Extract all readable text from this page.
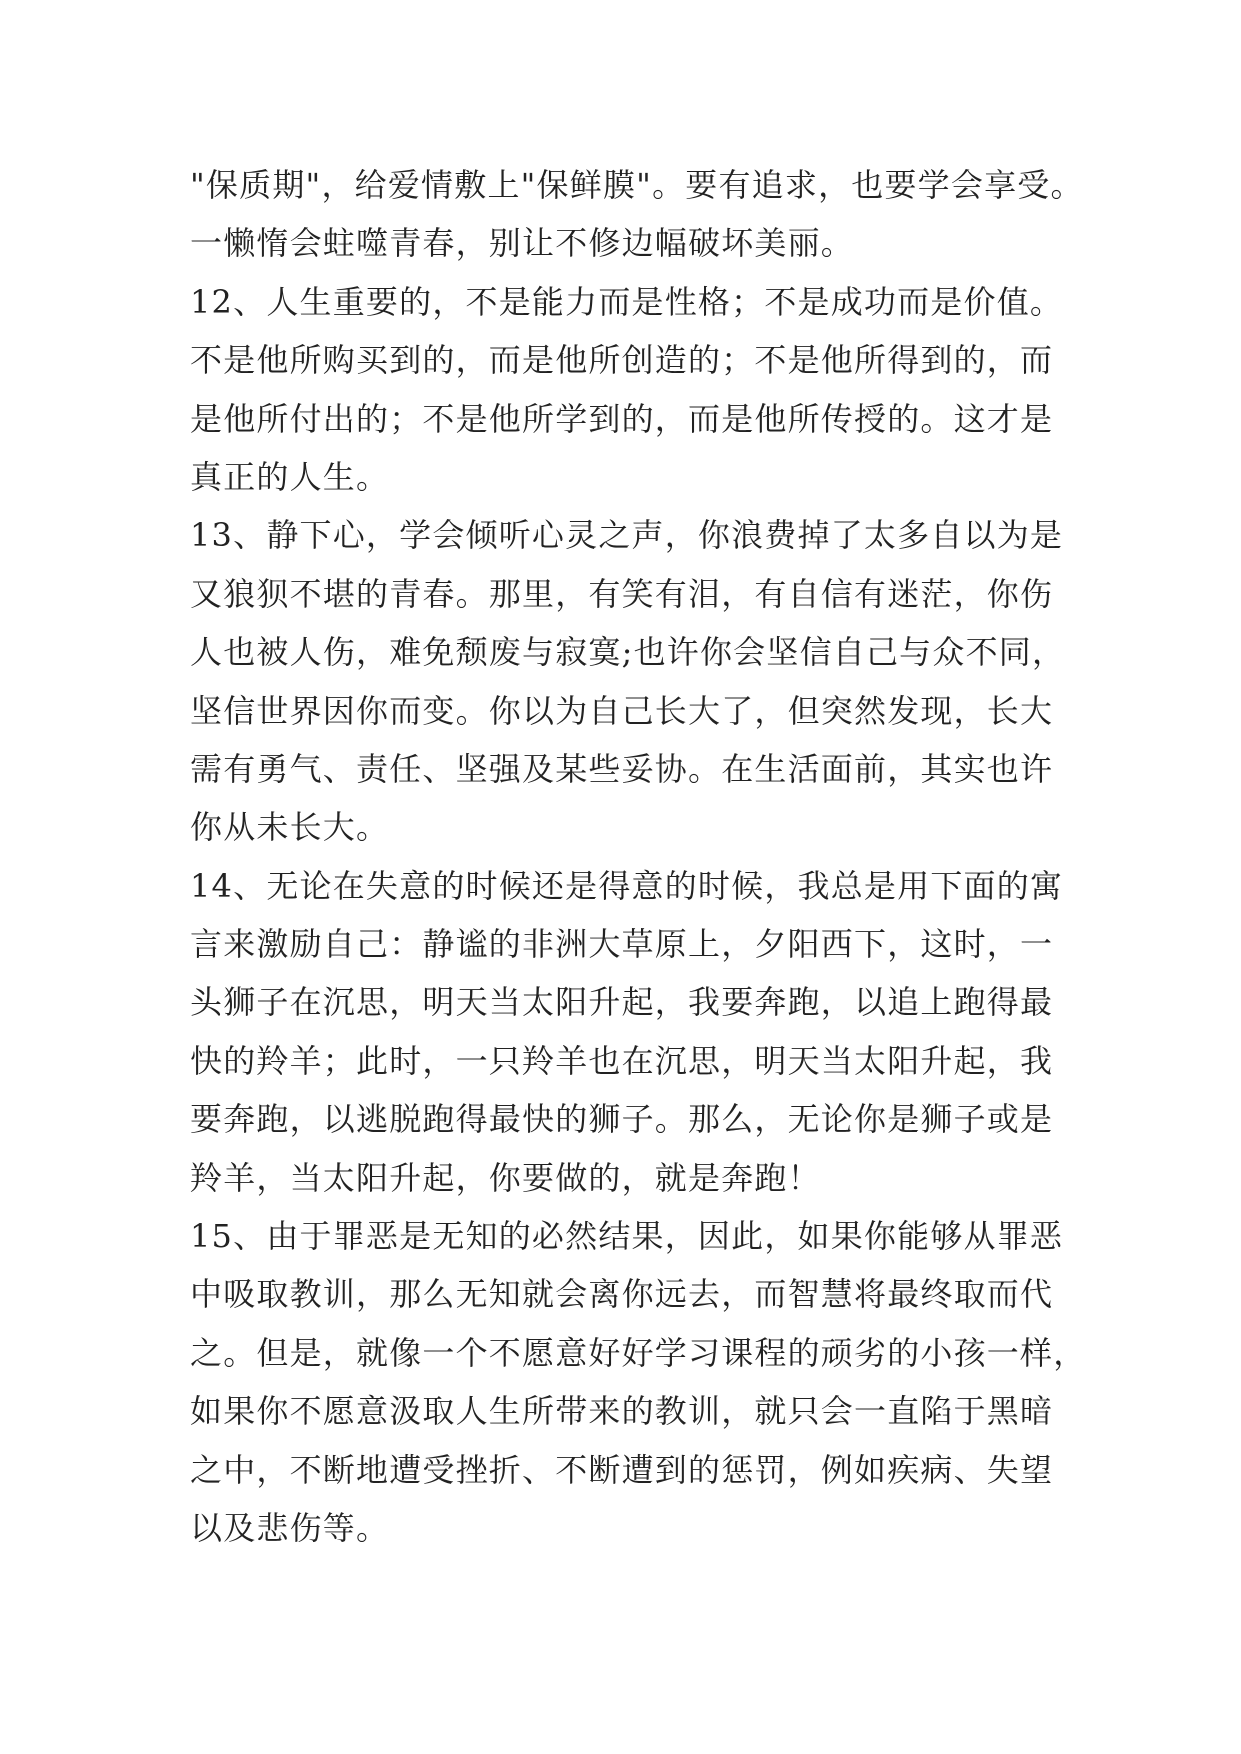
"保质期"，给爱情敷上"保鲜膜"。要有追求，也要学会享受。
一懒惰会蛀噬青春，别让不修边幅破坏美丽。
12、人生重要的，不是能力而是性格；不是成功而是价值。
不是他所购买到的，而是他所创造的；不是他所得到的，而
是他所付出的；不是他所学到的，而是他所传授的。这才是
真正的人生。
13、静下心，学会倾听心灵之声，你浪费掉了太多自以为是
又狼狈不堪的青春。那里，有笑有泪，有自信有迷茫，你伤
人也被人伤，难免颓废与寂寞;也许你会坚信自己与众不同，
坚信世界因你而变。你以为自己长大了，但突然发现，长大
需有勇气、责任、坚强及某些妥协。在生活面前，其实也许
你从未长大。
14、无论在失意的时候还是得意的时候，我总是用下面的寓
言来激励自己：静谧的非洲大草原上，夕阳西下，这时，一
头狮子在沉思，明天当太阳升起，我要奔跑，以追上跑得最
快的羚羊；此时，一只羚羊也在沉思，明天当太阳升起，我
要奔跑，以逃脱跑得最快的狮子。那么，无论你是狮子或是
羚羊，当太阳升起，你要做的，就是奔跑！
15、由于罪恶是无知的必然结果，因此，如果你能够从罪恶
中吸取教训，那么无知就会离你远去，而智慧将最终取而代
之。但是，就像一个不愿意好好学习课程的顽劣的小孩一样，
如果你不愿意汲取人生所带来的教训，就只会一直陷于黑暗
之中，不断地遭受挫折、不断遭到的惩罚，例如疾病、失望
以及悲伤等。
